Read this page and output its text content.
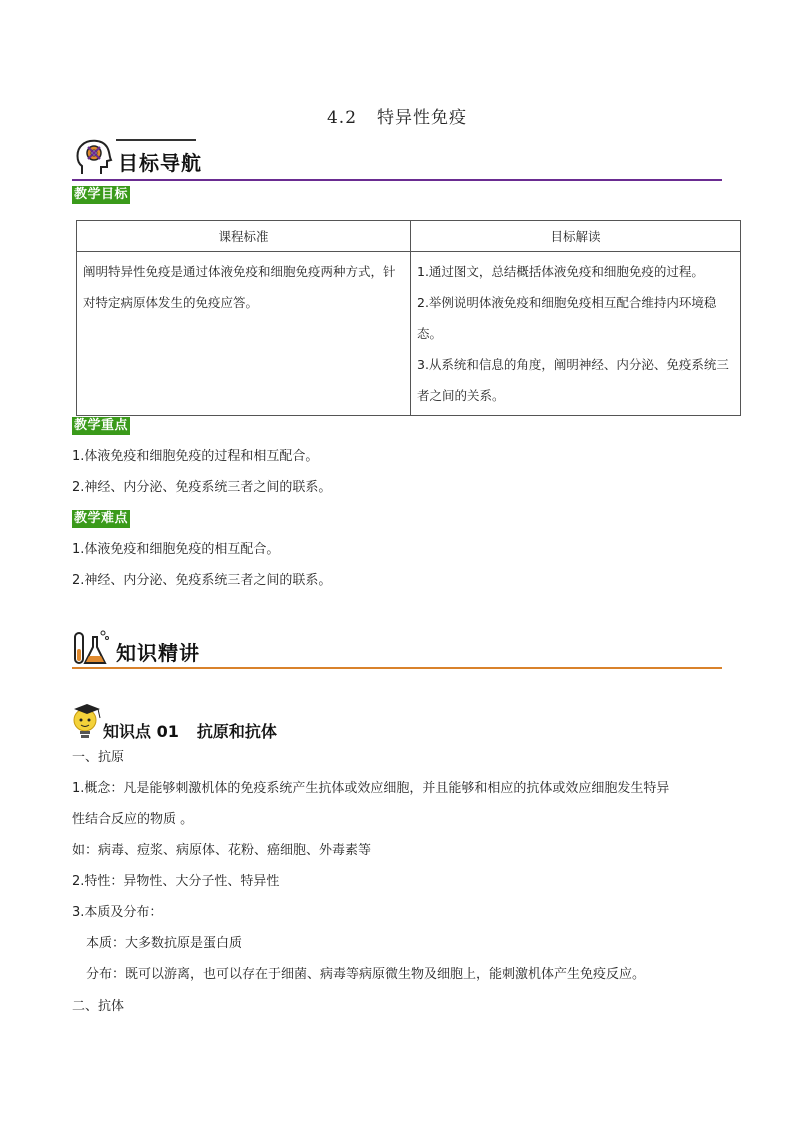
4.2 特异性免疫
目标导航
教学目标
课程标准	目标解读
阐明特异性免疫是通过体液免疫和细胞免疫两种方式，针对特定病原体发生的免疫应答。	1.通过图文，总结概括体液免疫和细胞免疫的过程。
2.举例说明体液免疫和细胞免疫相互配合维持内环境稳态。
3.从系统和信息的角度，阐明神经、内分泌、免疫系统三者之间的关系。
教学重点
1.体液免疫和细胞免疫的过程和相互配合。
2.神经、内分泌、免疫系统三者之间的联系。
教学难点
1.体液免疫和细胞免疫的相互配合。
2.神经、内分泌、免疫系统三者之间的联系。
知识精讲
知识点 01 抗原和抗体
一、抗原
1.概念：凡是能够刺激机体的免疫系统产生抗体或效应细胞，并且能够和相应的抗体或效应细胞发生特异
性结合反应的物质 。
如：病毒、痘浆、病原体、花粉、癌细胞、外毒素等
2.特性：异物性、大分子性、特异性
3.本质及分布：
本质：大多数抗原是蛋白质
分布：既可以游离，也可以存在于细菌、病毒等病原微生物及细胞上，能刺激机体产生免疫反应。
二、抗体
